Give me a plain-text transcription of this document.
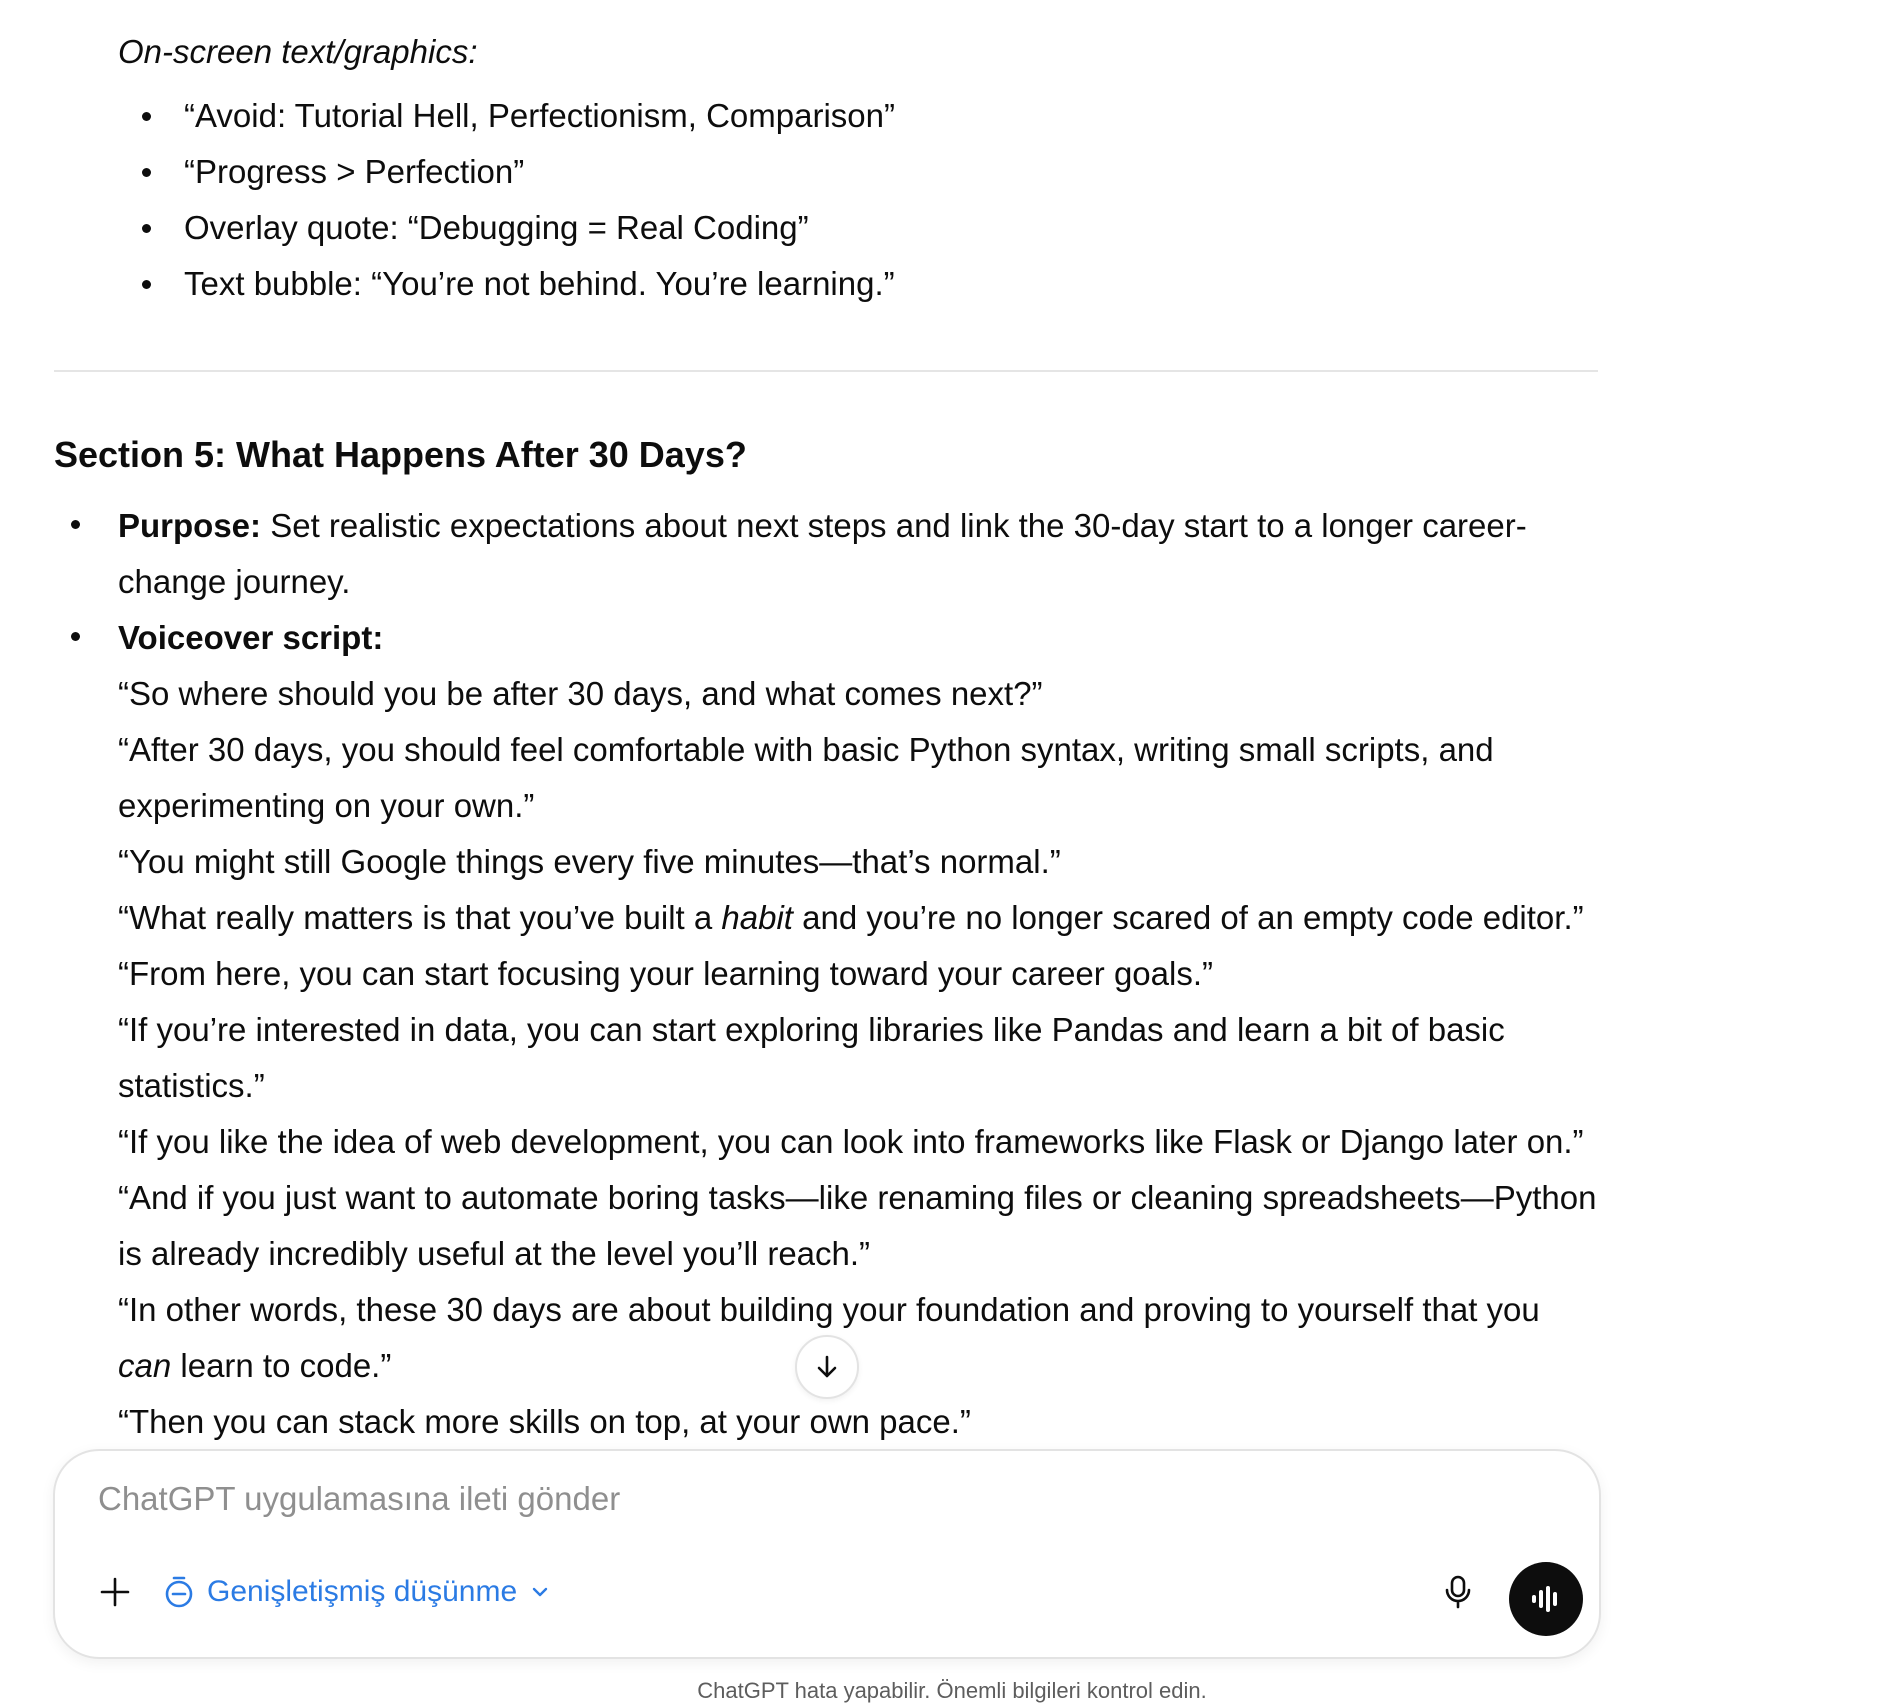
On-screen text/graphics:

“Avoid: Tutorial Hell, Perfectionism, Comparison”
“Progress > Perfection”
Overlay quote: “Debugging = Real Coding”
Text bubble: “You’re not behind. You’re learning.”
Section 5: What Happens After 30 Days?
Purpose: Set realistic expectations about next steps and link the 30-day start to a longer career-change journey.
Voiceover script:

“So where should you be after 30 days, and what comes next?”

“After 30 days, you should feel comfortable with basic Python syntax, writing small scripts, and experimenting on your own.”

“You might still Google things every five minutes—that’s normal.”

“What really matters is that you’ve built a habit and you’re no longer scared of an empty code editor.”

“From here, you can start focusing your learning toward your career goals.”

“If you’re interested in data, you can start exploring libraries like Pandas and learn a bit of basic statistics.”

“If you like the idea of web development, you can look into frameworks like Flask or Django later on.”

“And if you just want to automate boring tasks—like renaming files or cleaning spreadsheets—Python is already incredibly useful at the level you’ll reach.”

“In other words, these 30 days are about building your foundation and proving to yourself that you can learn to code.”

“Then you can stack more skills on top, at your own pace.”

ChatGPT uygulamasına ileti gönder
Genişletişmiş düşünme

ChatGPT hata yapabilir. Önemli bilgileri kontrol edin.
